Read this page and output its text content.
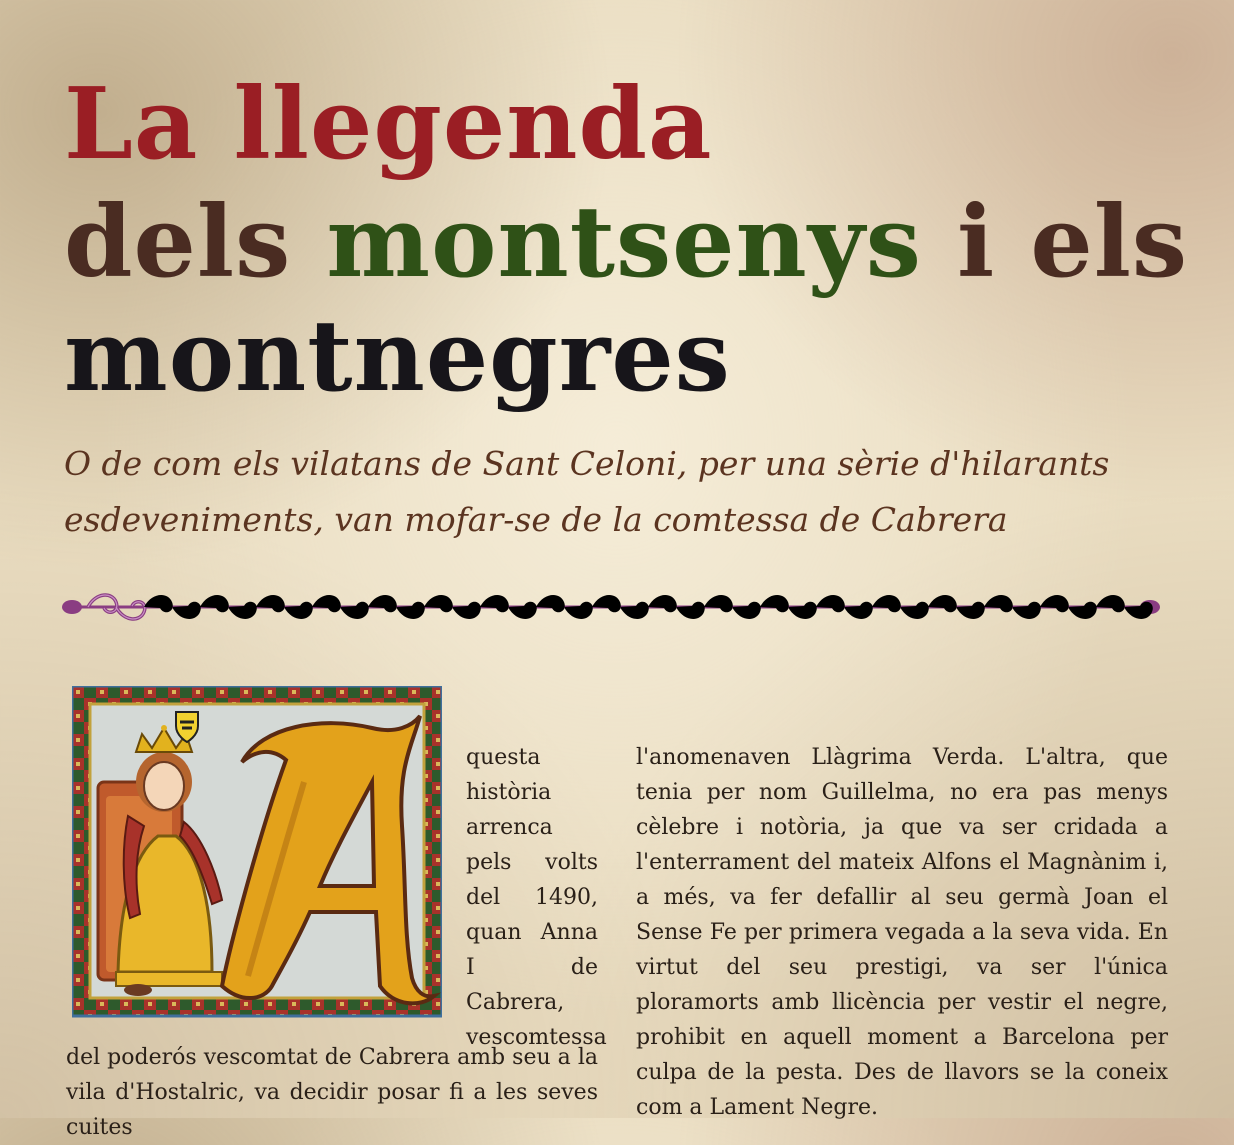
La llegenda
dels montsenys i els
montnegres

O de com els vilatans de Sant Celoni, per una sèrie d'hilarants esdeveniments, van mofar-se de la comtessa de Cabrera

questa història arrenca pels volts del 1490, quan Anna I de Cabrera, vescomtessa

del poderós vescomtat de Cabrera amb seu a la vila d'Hostalric, va decidir posar fi a les seves cuites

l'anomenaven Llàgrima Verda. L'altra, que tenia per nom Guillelma, no era pas menys cèlebre i notòria, ja que va ser cridada a l'enterrament del mateix Alfons el Magnànim i, a més, va fer defallir al seu germà Joan el Sense Fe per primera vegada a la seva vida. En virtut del seu prestigi, va ser l'única ploramorts amb llicència per vestir el negre, prohibit en aquell moment a Barcelona per culpa de la pesta. Des de llavors se la coneix com a Lament Negre.
